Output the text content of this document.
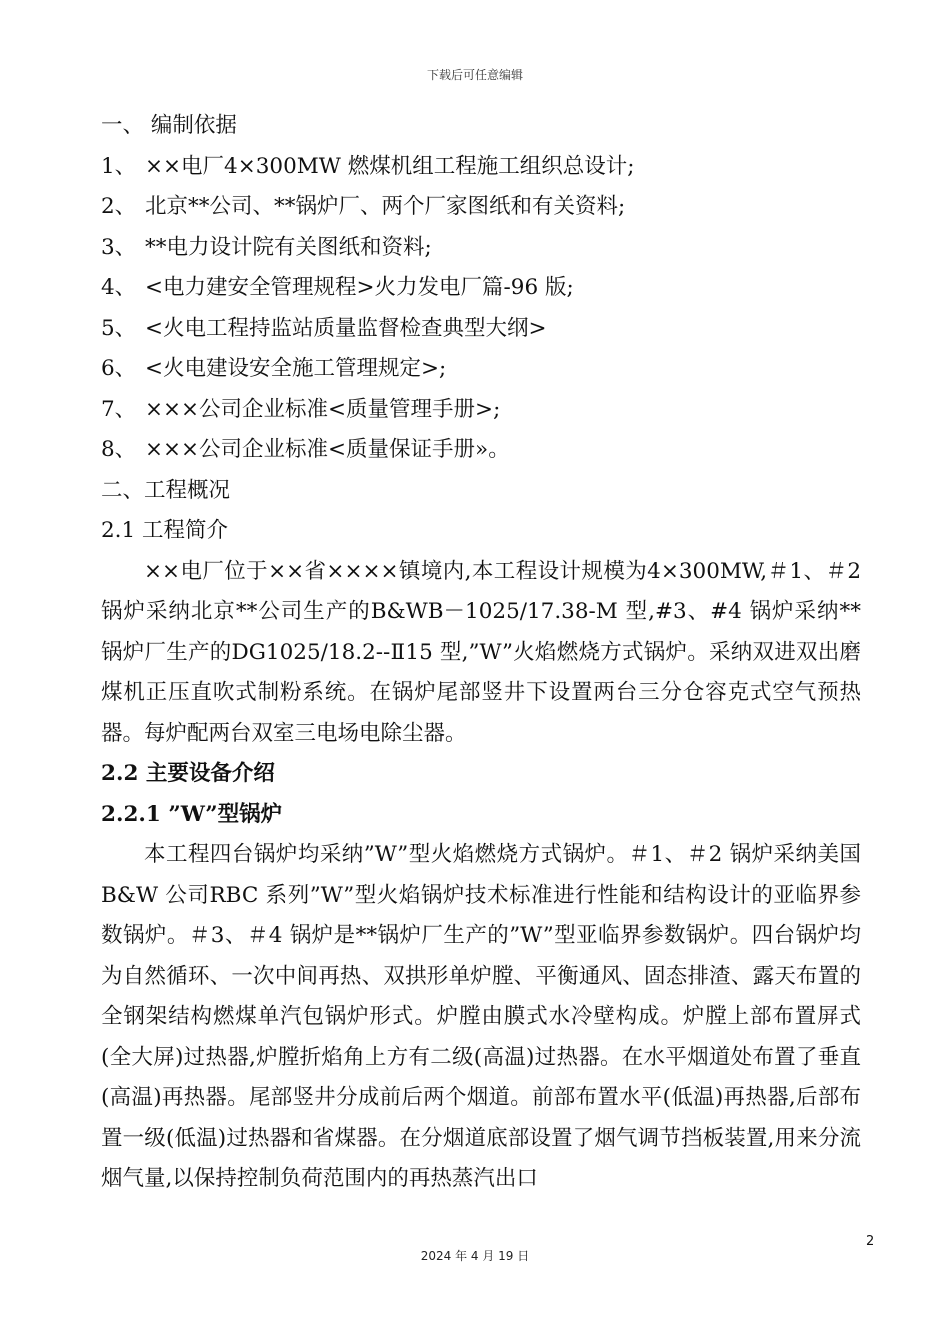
下载后可任意编辑
一、 编制依据
1、 ××电厂4×300MW 燃煤机组工程施工组织总设计;
2、 北京**公司、**锅炉厂、两个厂家图纸和有关资料;
3、 **电力设计院有关图纸和资料;
4、 <电力建安全管理规程>火力发电厂篇-96 版;
5、 <火电工程持监站质量监督检查典型大纲>
6、 <火电建设安全施工管理规定>;
7、 ×××公司企业标准<质量管理手册>;
8、 ×××公司企业标准<质量保证手册»。
二、工程概况
2.1 工程简介

××电厂位于××省××××镇境内,本工程设计规模为4×300MW,＃1、＃2 锅炉采纳北京**公司生产的B&WB－1025/17.38-M 型,#3、#4 锅炉采纳**锅炉厂生产的DG1025/18.2--Ⅱ15 型,”W”火焰燃烧方式锅炉。采纳双进双出磨煤机正压直吹式制粉系统。在锅炉尾部竖井下设置两台三分仓容克式空气预热器。每炉配两台双室三电场电除尘器。

2.2 主要设备介绍
2.2.1 ”W”型锅炉

本工程四台锅炉均采纳”W”型火焰燃烧方式锅炉。＃1、＃2 锅炉采纳美国B&W 公司RBC 系列”W”型火焰锅炉技术标准进行性能和结构设计的亚临界参数锅炉。＃3、＃4 锅炉是**锅炉厂生产的”W”型亚临界参数锅炉。四台锅炉均为自然循环、一次中间再热、双拱形单炉膛、平衡通风、固态排渣、露天布置的全钢架结构燃煤单汽包锅炉形式。炉膛由膜式水冷壁构成。炉膛上部布置屏式(全大屏)过热器,炉膛折焰角上方有二级(高温)过热器。在水平烟道处布置了垂直(高温)再热器。尾部竖井分成前后两个烟道。前部布置水平(低温)再热器,后部布置一级(低温)过热器和省煤器。在分烟道底部设置了烟气调节挡板装置,用来分流烟气量,以保持控制负荷范围内的再热蒸汽出口

2
2024 年 4 月 19 日
